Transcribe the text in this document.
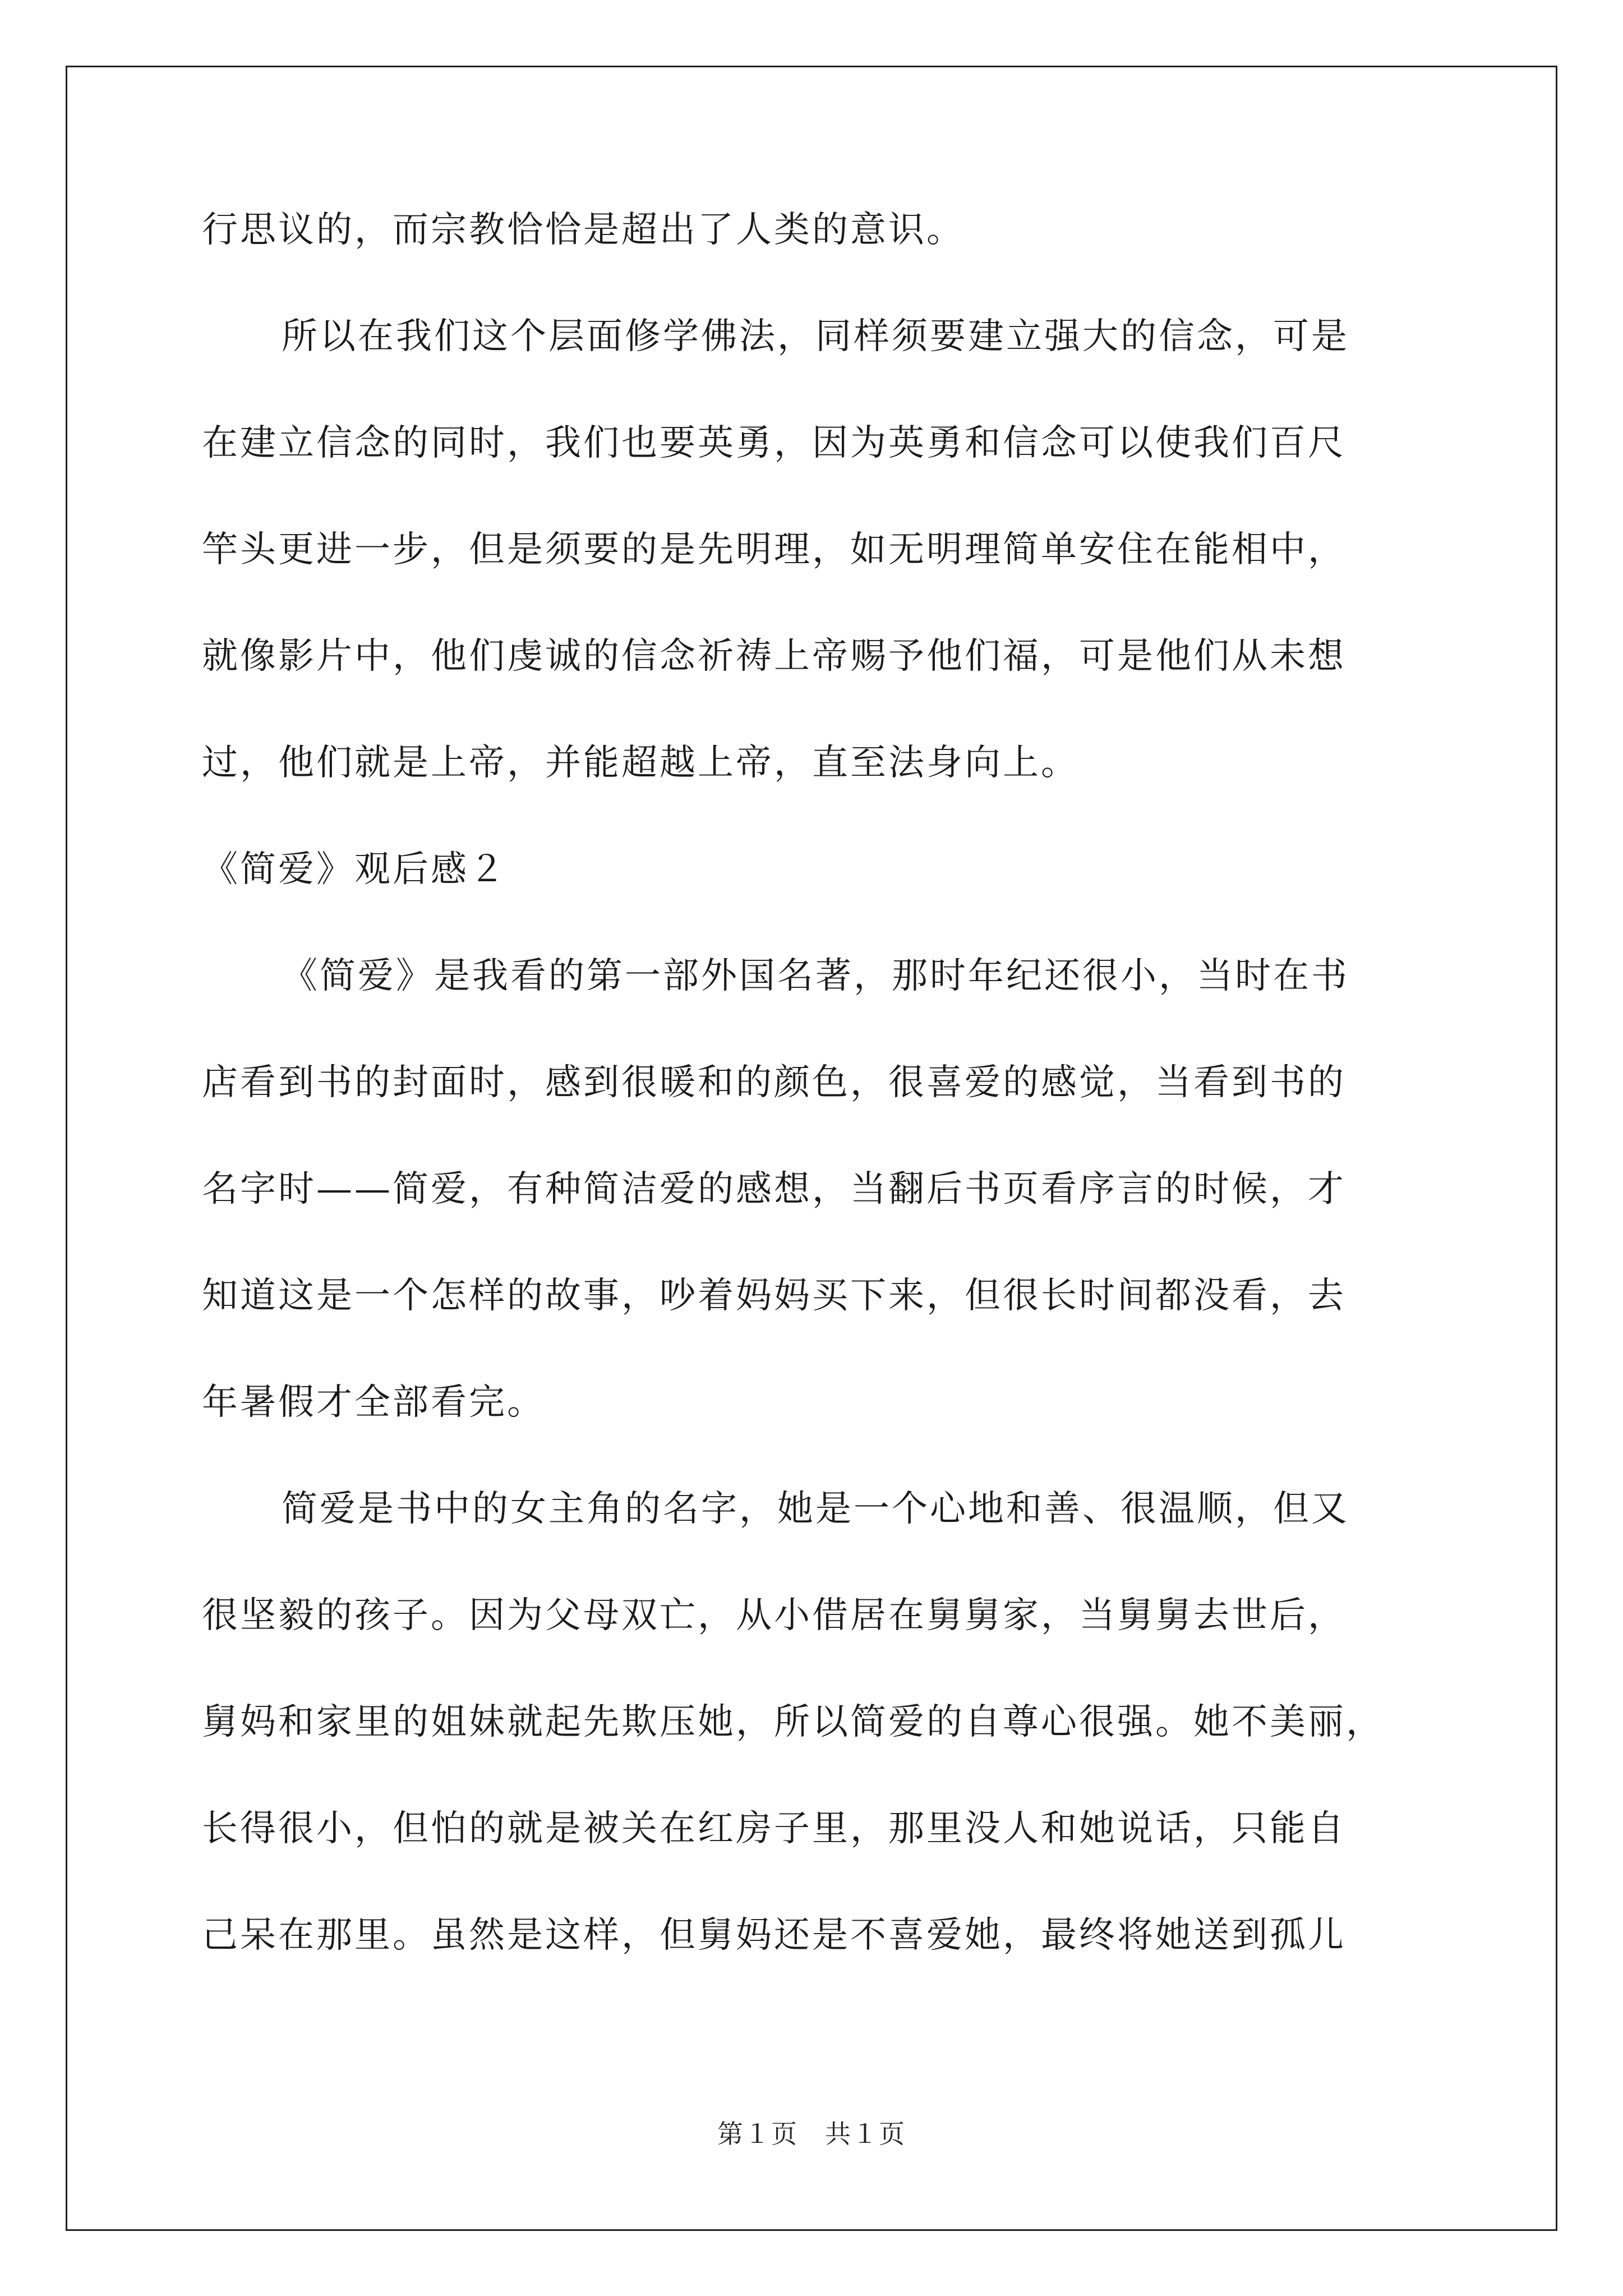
行思议的，而宗教恰恰是超出了人类的意识。
所以在我们这个层面修学佛法，同样须要建立强大的信念，可是
在建立信念的同时，我们也要英勇，因为英勇和信念可以使我们百尺
竿头更进一步，但是须要的是先明理，如无明理简单安住在能相中，
就像影片中，他们虔诚的信念祈祷上帝赐予他们福，可是他们从未想
过，他们就是上帝，并能超越上帝，直至法身向上。
《简爱》观后感２
《简爱》是我看的第一部外国名著，那时年纪还很小，当时在书
店看到书的封面时，感到很暖和的颜色，很喜爱的感觉，当看到书的
名字时——简爱，有种简洁爱的感想，当翻后书页看序言的时候，才
知道这是一个怎样的故事，吵着妈妈买下来，但很长时间都没看，去
年暑假才全部看完。
简爱是书中的女主角的名字，她是一个心地和善、很温顺，但又
很坚毅的孩子。因为父母双亡，从小借居在舅舅家，当舅舅去世后，
舅妈和家里的姐妹就起先欺压她，所以简爱的自尊心很强。她不美丽，
长得很小，但怕的就是被关在红房子里，那里没人和她说话，只能自
己呆在那里。虽然是这样，但舅妈还是不喜爱她，最终将她送到孤儿
第１页　共１页
